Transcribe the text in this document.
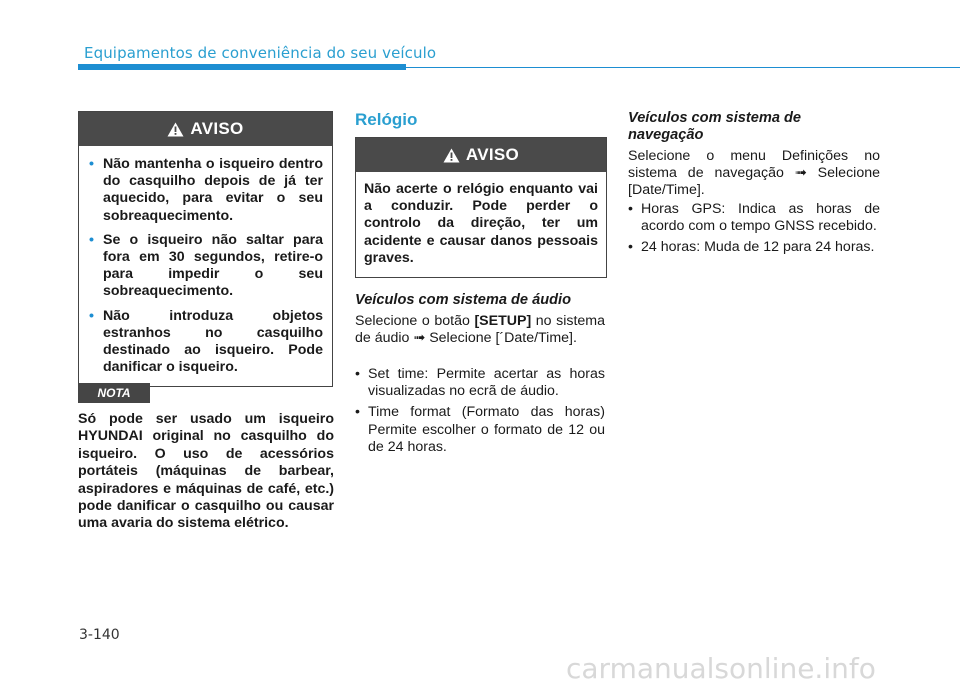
Equipamentos de conveniência do seu veículo
AVISO
• Não mantenha o isqueiro dentro do casquilho depois de já ter aquecido, para evitar o seu sobreaquecimento.
• Se o isqueiro não saltar para fora em 30 segundos, retire-o para impedir o seu sobreaquecimento.
• Não introduza objetos estranhos no casquilho destinado ao isqueiro. Pode danificar o isqueiro.
NOTA

Só pode ser usado um isqueiro HYUNDAI original no casquilho do isqueiro. O uso de acessórios portáteis (máquinas de barbear, aspiradores e máquinas de café, etc.) pode danificar o casquilho ou causar uma avaria do sistema elétrico.

Relógio
AVISO

Não acerte o relógio enquanto vai a conduzir. Pode perder o controlo da direção, ter um acidente e causar danos pessoais graves.

Veículos com sistema de áudio

Selecione o botão [SETUP] no sistema de áudio ➟ Selecione [´Date/Time].

• Set time: Permite acertar as horas visualizadas no ecrã de áudio.
• Time format (Formato das horas) Permite escolher o formato de 12 ou de 24 horas.
Veículos com sistema de navegação

Selecione o menu Definições no sistema de navegação ➟ Selecione [Date/Time].

• Horas GPS: Indica as horas de acordo com o tempo GNSS recebido.
• 24 horas: Muda de 12 para 24 horas.
3-140
carmanualsonline.info
